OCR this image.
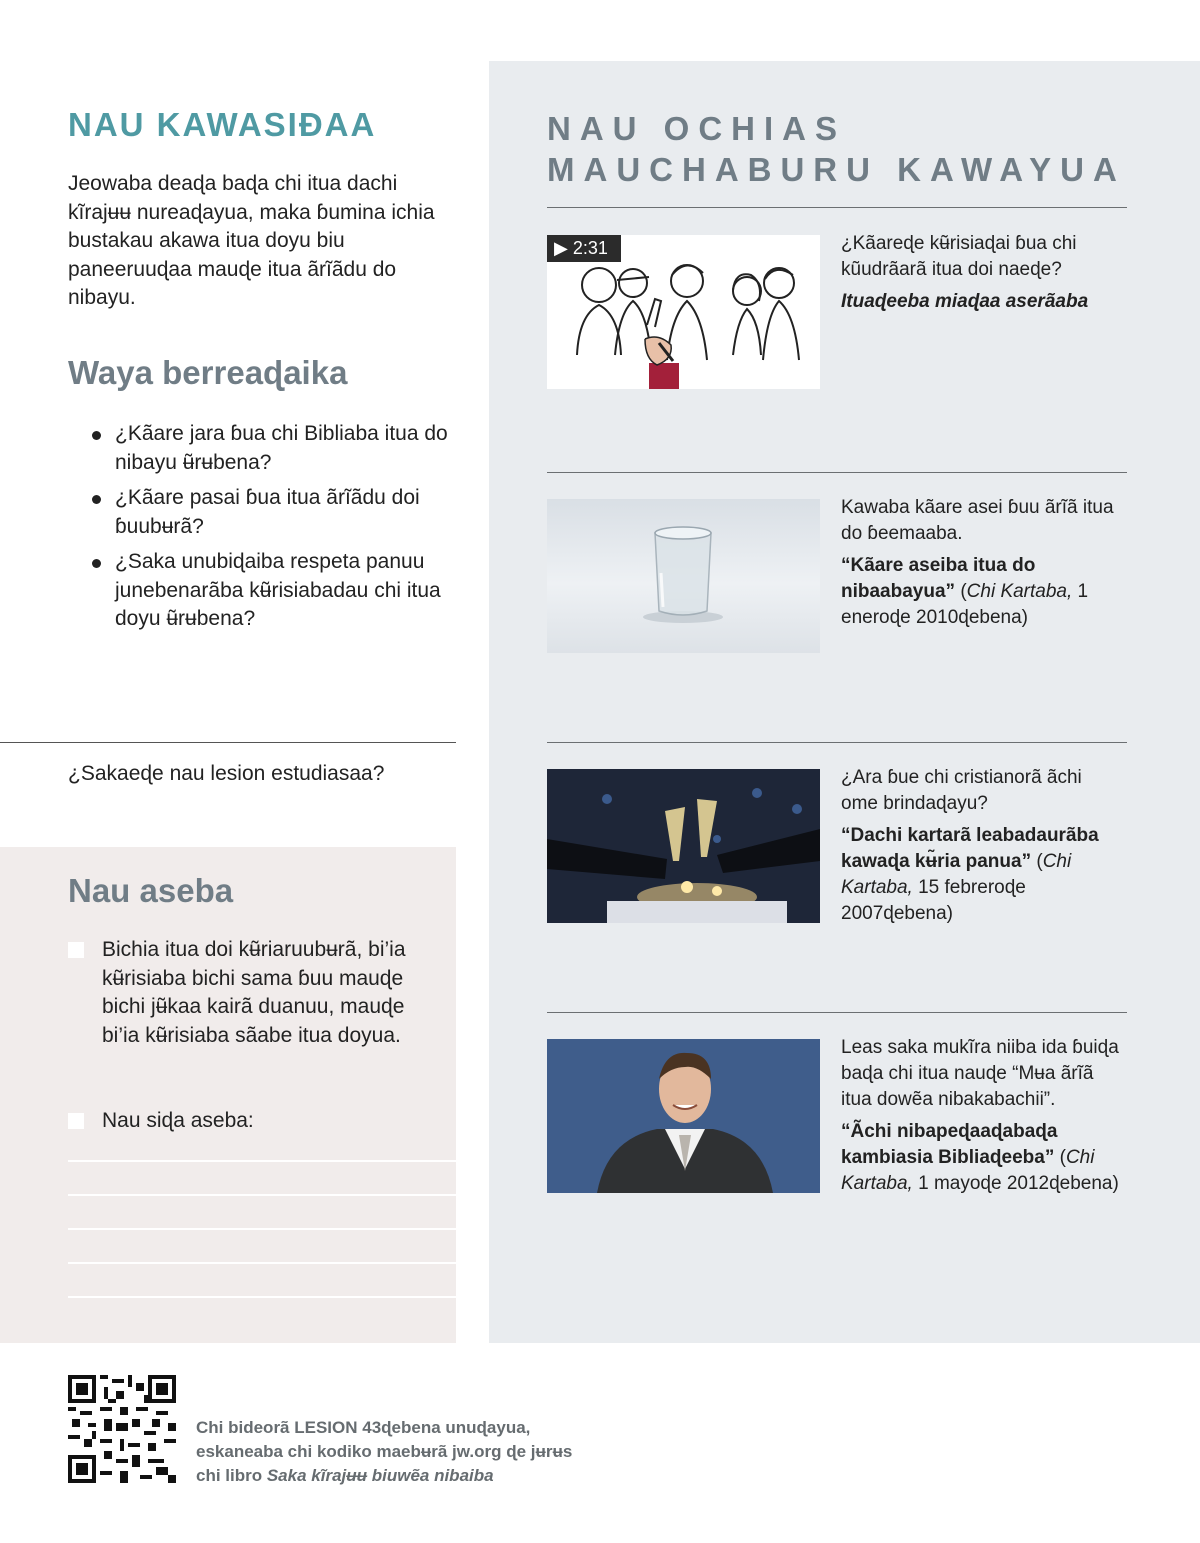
NAU KAWASIƉAA

Jeowaba deaɖa baɖa chi itua dachi kĩrajʉʉ nureaɖayua, maka ɓumina ichia bustakau akawa itua doyu biu paneeruuɖaa mauɖe itua ãrĩãdu do nibayu.

Waya berreaɖaika
¿Kãare jara ɓua chi Bibliaba itua do nibayu ʉ̃rʉbena?
¿Kãare pasai ɓua itua ãrĩãdu doi ɓuubʉrã?
¿Saka unubiɖaiba respeta panuu junebenarãba kʉ̃risiabadau chi itua doyu ʉ̃rʉbena?

¿Sakaeɖe nau lesion estudiasaa?

Nau aseba
Bichia itua doi kʉ̃riaruubʉrã, bi’ia kʉ̃risiaba bichi sama ɓuu mauɖe bichi jʉ̃kaa kairã duanuu, mauɖe bi’ia kʉ̃risiaba sãabe itua doyua.
Nau siɖa aseba:
NAU OCHIAS
MAUCHABURU KAWAYUA
▶ 2:31	¿Kãareɖe kʉ̃risiaɖai ɓua chi kũudrãarã itua doi naeɖe?
Ituaɖeeba miaɖaa aserãaba
Kawaba kãare asei ɓuu ãrĩã itua do ɓeemaaba.
“Kãare aseiba itua do nibaabayua” (Chi Kartaba, 1 eneroɖe 2010ɖebena)
¿Ara ɓue chi cristianorã ãchi ome brindaɖayu?
“Dachi kartarã leabadaurãba kawaɖa kʉ̃ria panua” (Chi Kartaba, 15 febreroɖe 2007ɖebena)
Leas saka mukĩra niiba ida ɓuiɖa baɖa chi itua nauɖe “Mʉa ãrĩã itua dowẽa nibakabachii”.
“Ãchi nibapeɖaaɖabaɖa kambiasia Bibliaɖeeba” (Chi Kartaba, 1 mayoɖe 2012ɖebena)

Chi bideorã LESION 43ɖebena unuɖayua, eskaneaba chi kodiko maebʉrã jw.org ɖe jʉrʉs chi libro Saka kĩrajʉʉ biuwẽa nibaiba
